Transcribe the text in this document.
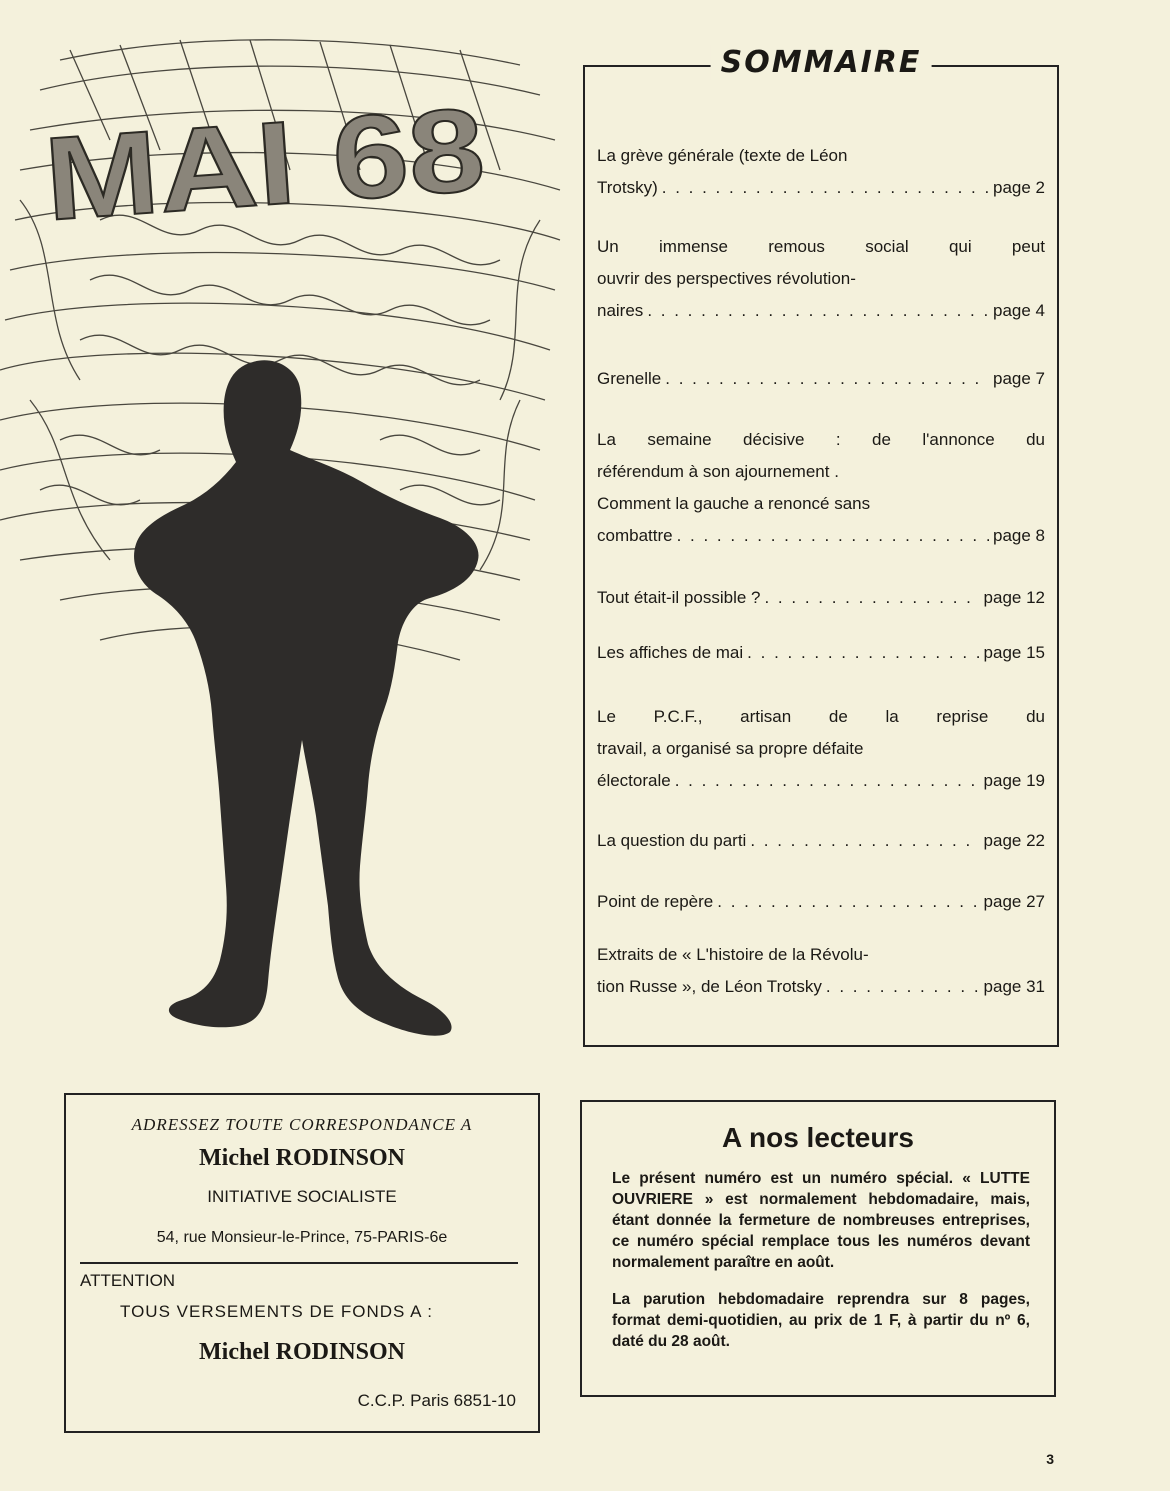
MAI 68
SOMMAIRE

La grève générale (texte de Léon

Trotsky) . . .	page 2

Un immense remous social qui peut

ouvrir des perspectives révolution-

naires . . .	page 4
Grenelle . . .	page 7

La semaine décisive : de l'annonce du

référendum à son ajournement .

Comment la gauche a renoncé sans

combattre . . .	page 8
Tout était-il possible ? . . .	page 12
Les affiches de mai . . .	page 15

Le P.C.F., artisan de la reprise du

travail, a organisé sa propre défaite

électorale . . .	page 19
La question du parti . . .	page 22
Point de repère . . .	page 27

Extraits de « L'histoire de la Révolu-

tion Russe », de Léon Trotsky . . .	page 31

ADRESSEZ TOUTE CORRESPONDANCE A

Michel RODINSON

INITIATIVE SOCIALISTE

54, rue Monsieur-le-Prince, 75-PARIS-6e

ATTENTION

TOUS VERSEMENTS DE FONDS A :

Michel RODINSON

C.C.P. Paris 6851-10

A nos lecteurs

Le présent numéro est un numéro spécial. « LUTTE OUVRIERE » est normalement hebdomadaire, mais, étant donnée la fermeture de nombreuses entreprises, ce numéro spécial remplace tous les numéros devant normalement paraître en août.

La parution hebdomadaire reprendra sur 8 pages, format demi-quotidien, au prix de 1 F, à partir du nº 6, daté du 28 août.

3
